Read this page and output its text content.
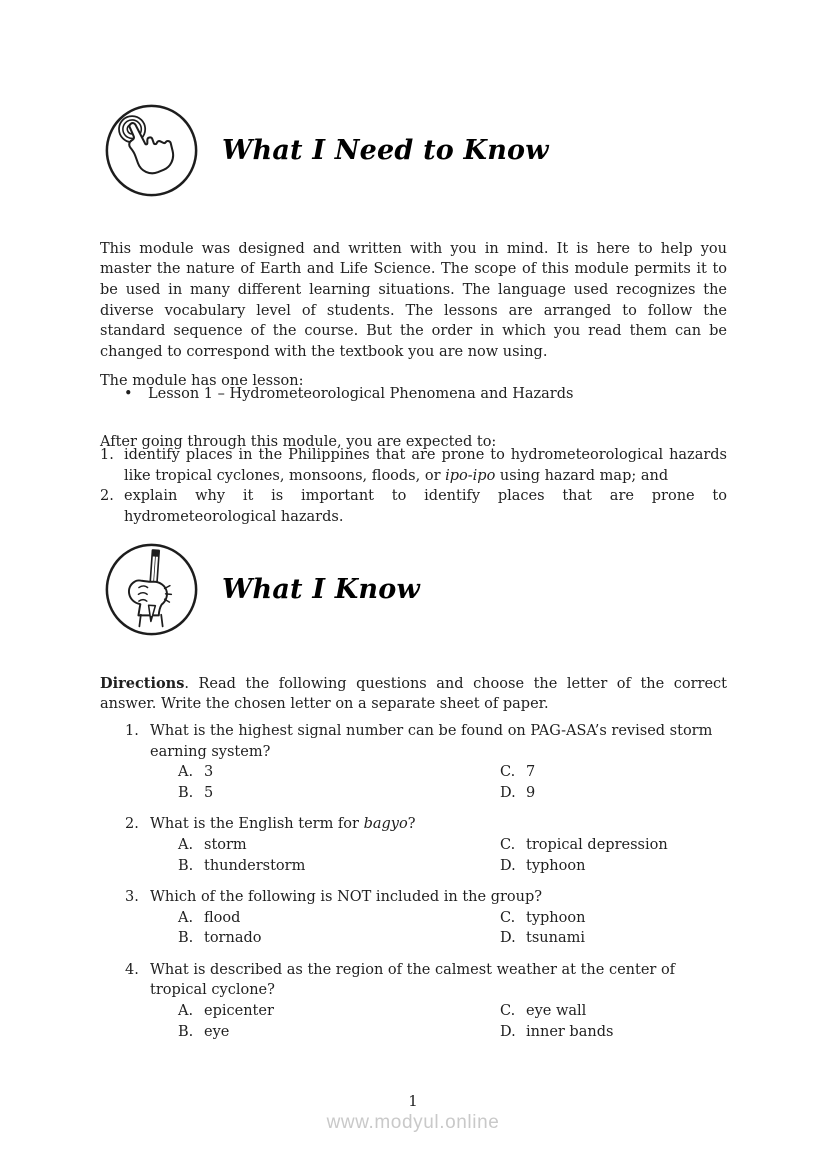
What I Need to Know

This module was designed and written with you in mind. It is here to help you master the nature of Earth and Life Science. The scope of this module permits it to be used in many different learning situations. The language used recognizes the diverse vocabulary level of students. The lessons are arranged to follow the standard sequence of the course. But the order in which you read them can be changed to correspond with the textbook you are now using.

The module has one lesson:

•	Lesson 1 – Hydrometeorological Phenomena and Hazards

After going through this module, you are expected to:

1. identify places in the Philippines that are prone to hydrometeorological hazards like tropical cyclones, monsoons, floods, or ipo-ipo using hazard map; and
2. explain why it is important to identify places that are prone to hydrometeorological hazards.
What I Know

Directions. Read the following questions and choose the letter of the correct answer. Write the chosen letter on a separate sheet of paper.

1. What is the highest signal number can be found on PAG-ASA’s revised storm earning system?
A. 3	C. 7
B. 5	D. 9
2. What is the English term for bagyo?
A. storm	C. tropical depression
B. thunderstorm	D. typhoon
3. Which of the following is NOT included in the group?
A. flood	C. typhoon
B. tornado	D. tsunami
4. What is described as the region of the calmest weather at the center of tropical cyclone?
A. epicenter	C. eye wall
B. eye	D. inner bands
1
www.modyul.online
